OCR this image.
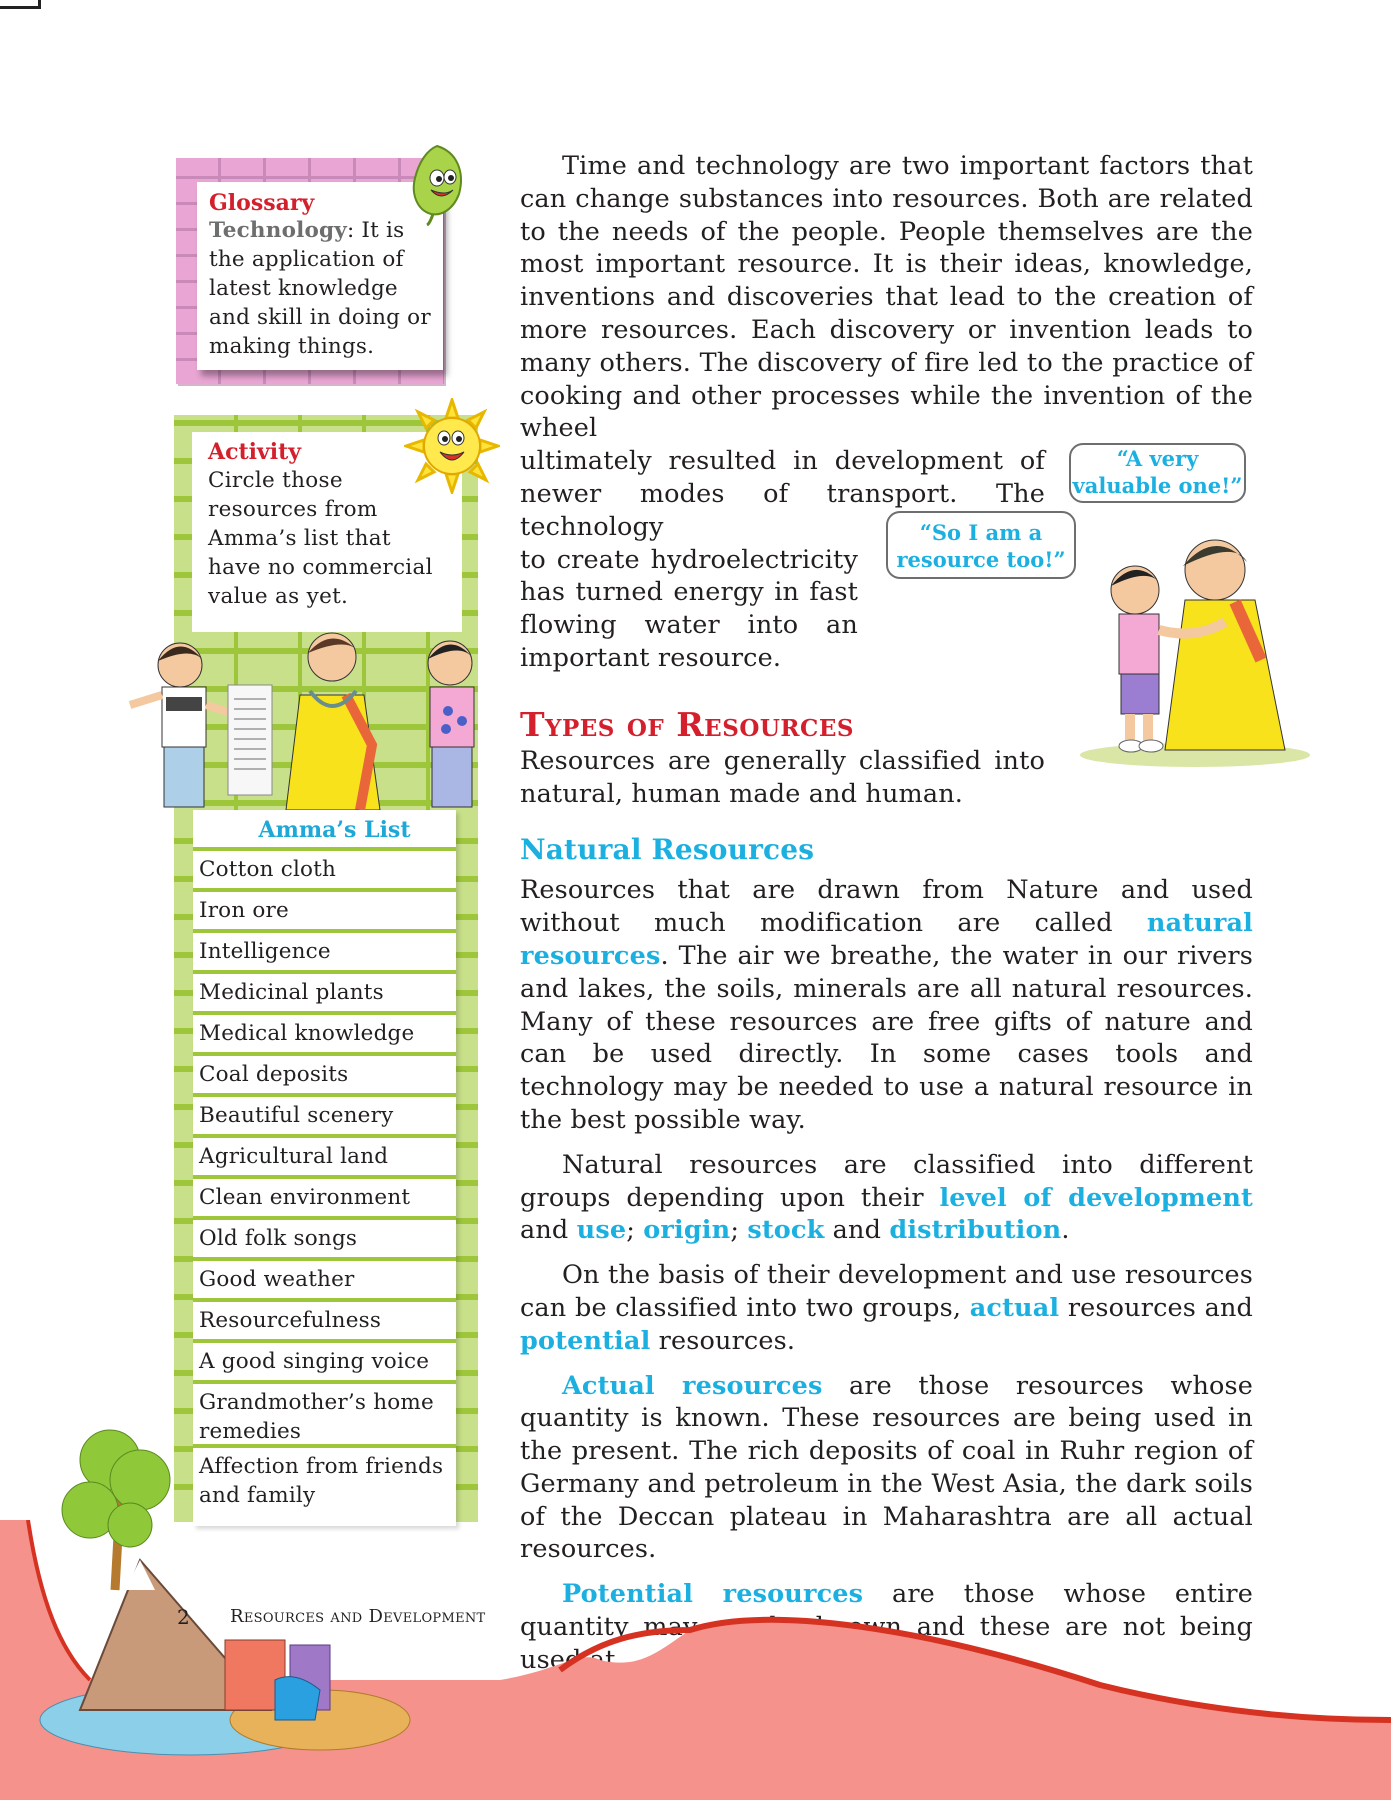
Glossary
Technology: It is the application of latest knowledge and skill in doing or making things.
Activity
Circle those resources from Amma’s list that have no commercial value as yet.
Amma’s List
Cotton cloth
Iron ore
Intelligence
Medicinal plants
Medical knowledge
Coal deposits
Beautiful scenery
Agricultural land
Clean environment
Old folk songs
Good weather
Resourcefulness
A good singing voice
Grandmother’s home remedies
Affection from friends and family

Time and technology are two important factors that can change substances into resources. Both are related to the needs of the people. People themselves are the most important resource. It is their ideas, knowledge, inventions and discoveries that lead to the creation of more resources. Each discovery or invention leads to many others. The discovery of fire led to the practice of cooking and other processes while the invention of the wheel

ultimately resulted in development of newer modes of transport. The technology

to create hydroelectricity has turned energy in fast flowing water into an important resource.

Types of Resources

Resources are generally classified into natural, human made and human.

Natural Resources

Resources that are drawn from Nature and used without much modification are called natural resources. The air we breathe, the water in our rivers and lakes, the soils, minerals are all natural resources. Many of these resources are free gifts of nature and can be used directly. In some cases tools and technology may be needed to use a natural resource in the best possible way.

Natural resources are classified into different groups depending upon their level of development and use; origin; stock and distribution.

On the basis of their development and use resources can be classified into two groups, actual resources and potential resources.

Actual resources are those resources whose quantity is known. These resources are being used in the present. The rich deposits of coal in Ruhr region of Germany and petroleum in the West Asia, the dark soils of the Deccan plateau in Maharashtra are all actual resources.

Potential resources are those whose entire quantity may not be known and these are not being used at

“A very valuable one!”
“So I am a resource too!”
2 Resources and Development
